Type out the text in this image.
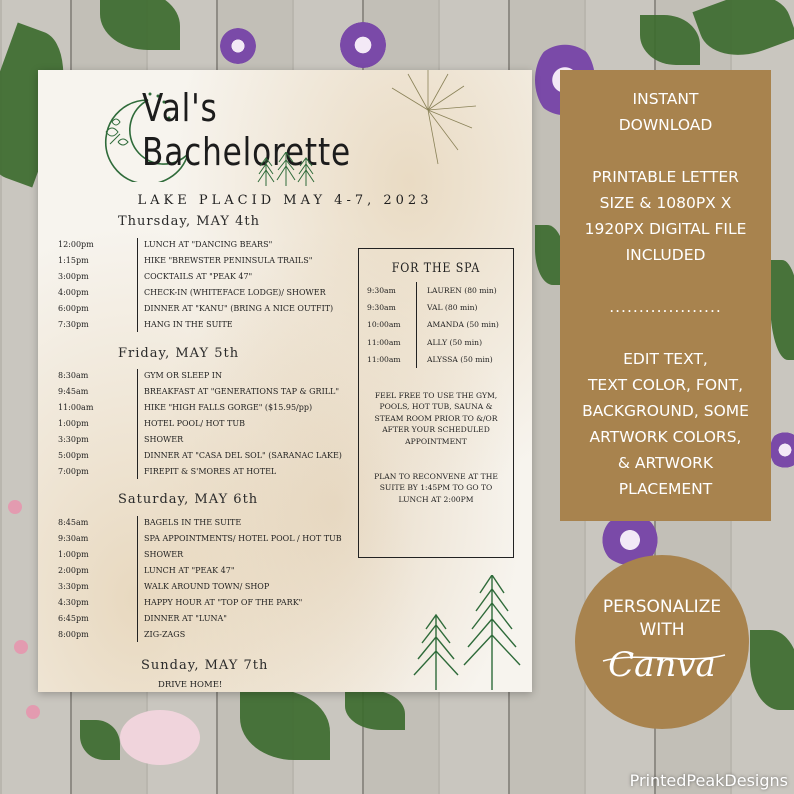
Val's Bachelorette
LAKE PLACID MAY 4-7, 2023
Thursday, MAY 4th
12:00pm	LUNCH AT "DANCING BEARS"
1:15pm	HIKE "BREWSTER PENINSULA TRAILS"
3:00pm	COCKTAILS AT "PEAK 47"
4:00pm	CHECK-IN (WHITEFACE LODGE)/ SHOWER
6:00pm	DINNER AT "KANU" (BRING A NICE OUTFIT)
7:30pm	HANG IN THE SUITE
Friday, MAY 5th
8:30am	GYM OR SLEEP IN
9:45am	BREAKFAST AT "GENERATIONS TAP & GRILL"
11:00am	HIKE "HIGH FALLS GORGE" ($15.95/pp)
1:00pm	HOTEL POOL/ HOT TUB
3:30pm	SHOWER
5:00pm	DINNER AT "CASA DEL SOL" (SARANAC LAKE)
7:00pm	FIREPIT & S'MORES AT HOTEL
Saturday, MAY 6th
8:45am	BAGELS IN THE SUITE
9:30am	SPA APPOINTMENTS/ HOTEL POOL / HOT TUB
1:00pm	SHOWER
2:00pm	LUNCH AT "PEAK 47"
3:30pm	WALK AROUND TOWN/ SHOP
4:30pm	HAPPY HOUR AT "TOP OF THE PARK"
6:45pm	DINNER AT "LUNA"
8:00pm	ZIG-ZAGS
Sunday, MAY 7th
DRIVE HOME!
FOR THE SPA
9:30am	LAUREN (80 min)
9:30am	VAL (80 min)
10:00am	AMANDA (50 min)
11:00am	ALLY (50 min)
11:00am	ALYSSA (50 min)
FEEL FREE TO USE THE GYM, POOLS, HOT TUB, SAUNA & STEAM ROOM PRIOR TO &/OR AFTER YOUR SCHEDULED APPOINTMENT
PLAN TO RECONVENE AT THE SUITE BY 1:45PM TO GO TO LUNCH AT 2:00PM
INSTANT
DOWNLOAD
PRINTABLE LETTER
SIZE & 1080PX X
1920PX DIGITAL FILE
INCLUDED
...................
EDIT TEXT,
TEXT COLOR, FONT,
BACKGROUND, SOME
ARTWORK COLORS,
& ARTWORK
PLACEMENT
PERSONALIZE
WITH
Canva
PrintedPeakDesigns
